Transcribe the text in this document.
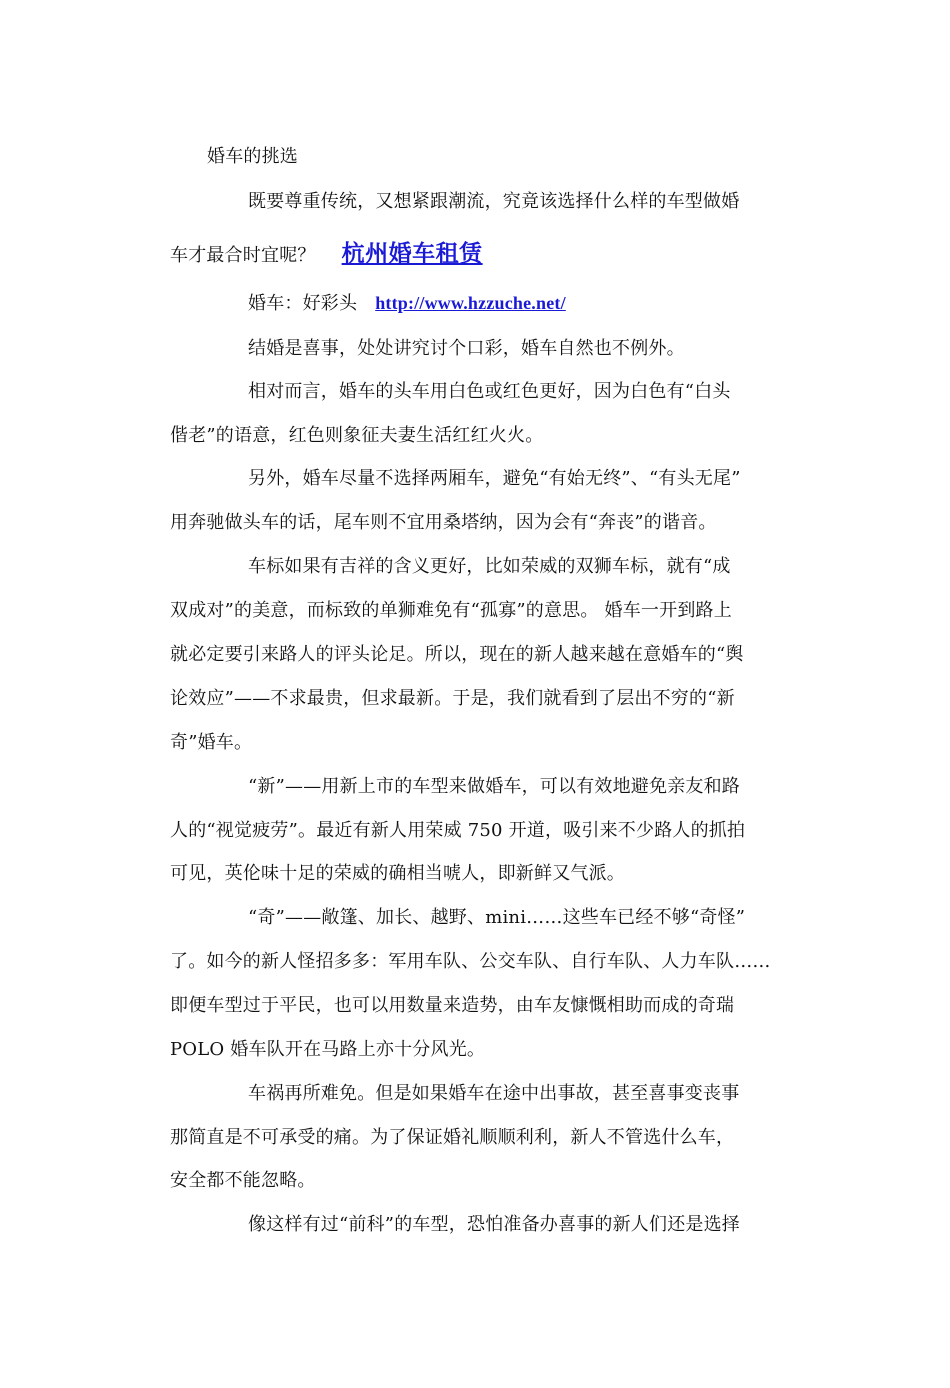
婚车的挑选
既要尊重传统，又想紧跟潮流，究竟该选择什么样的车型做婚
车才最合时宜呢？ 杭州婚车租赁
婚车：好彩头 http://www.hzzuche.net/
结婚是喜事，处处讲究讨个口彩，婚车自然也不例外。
相对而言，婚车的头车用白色或红色更好，因为白色有“白头
偕老”的语意，红色则象征夫妻生活红红火火。
另外，婚车尽量不选择两厢车，避免“有始无终”、“有头无尾”
用奔驰做头车的话，尾车则不宜用桑塔纳，因为会有“奔丧”的谐音。
车标如果有吉祥的含义更好，比如荣威的双狮车标，就有“成
双成对”的美意，而标致的单狮难免有“孤寡”的意思。 婚车一开到路上
就必定要引来路人的评头论足。所以，现在的新人越来越在意婚车的“舆
论效应”——不求最贵，但求最新。于是，我们就看到了层出不穷的“新
奇”婚车。
“新”——用新上市的车型来做婚车，可以有效地避免亲友和路
人的“视觉疲劳”。最近有新人用荣威 750 开道，吸引来不少路人的抓拍
可见，英伦味十足的荣威的确相当唬人，即新鲜又气派。
“奇”——敞篷、加长、越野、mini……这些车已经不够“奇怪”
了。如今的新人怪招多多：军用车队、公交车队、自行车队、人力车队……
即便车型过于平民，也可以用数量来造势，由车友慷慨相助而成的奇瑞
POLO 婚车队开在马路上亦十分风光。
车祸再所难免。但是如果婚车在途中出事故，甚至喜事变丧事
那简直是不可承受的痛。为了保证婚礼顺顺利利，新人不管选什么车，
安全都不能忽略。
像这样有过“前科”的车型，恐怕准备办喜事的新人们还是选择
